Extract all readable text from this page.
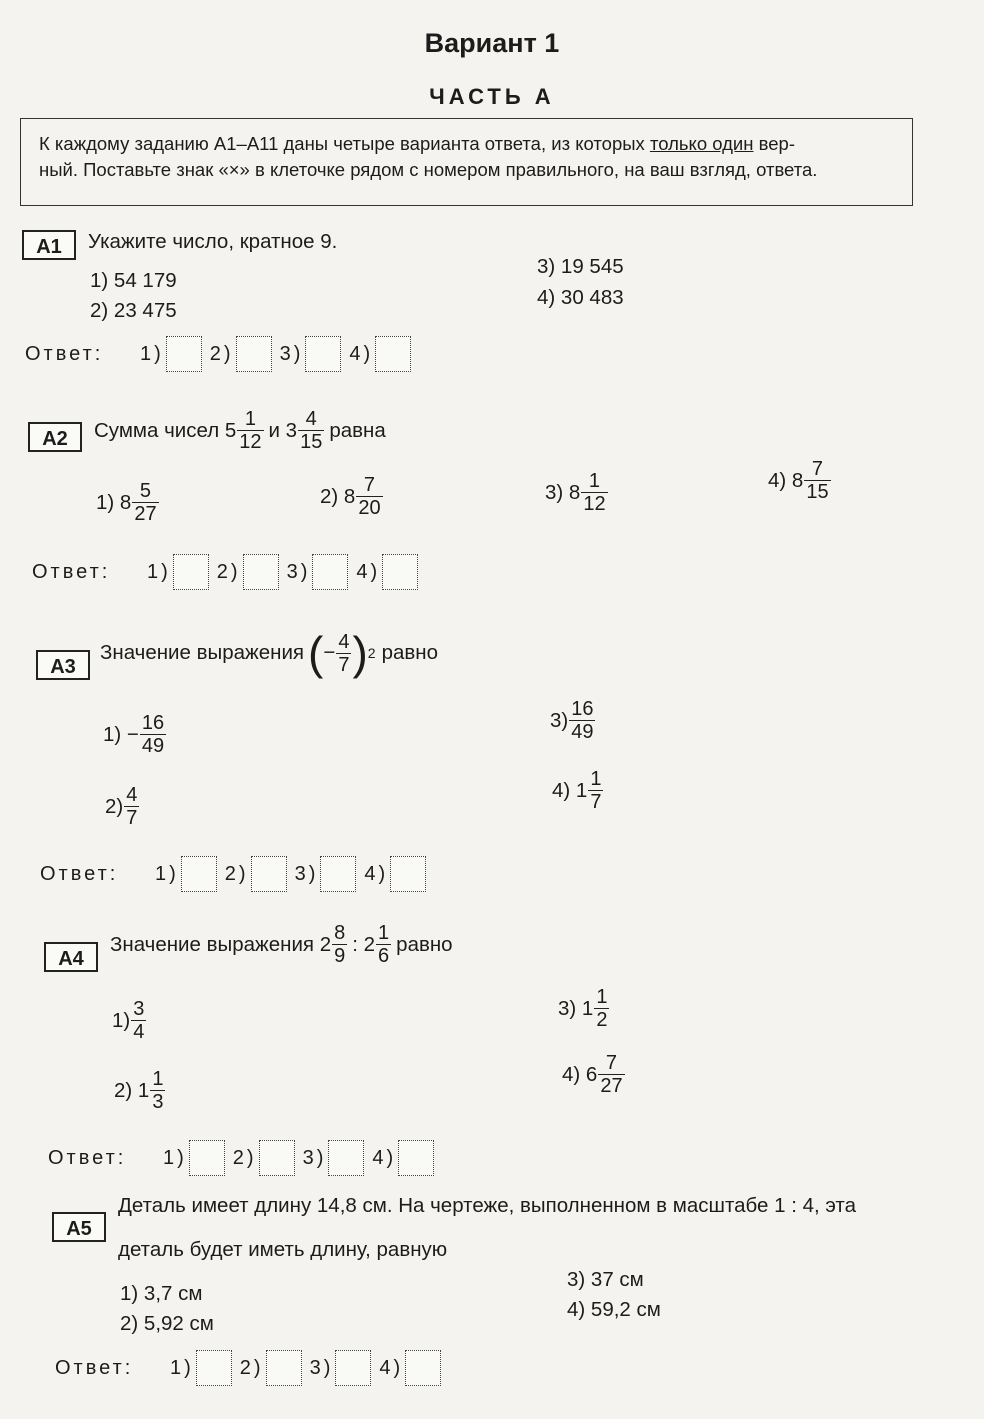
Вариант 1
ЧАСТЬ А
К каждому заданию А1–А11 даны четыре варианта ответа, из которых только один вер-
ный. Поставьте знак «×» в клеточке рядом с номером правильного, на ваш взгляд, ответа.
А1	Укажите число, кратное 9.
1) 54 179
2) 23 475
3) 19 545
4) 30 483
Ответ:	1) 2) 3) 4)
А2	Сумма чисел $5 \frac{1}{12}$ и $3 \frac{4}{15}$ равна
1) $8 \frac{5}{27}$	2) $8 \frac{7}{20}$	3) $8 \frac{1}{12}$	4) $8 \frac{7}{15}$
Ответ:	1) 2) 3) 4)
А3
Значение выражения ( − $\frac{4}{7}$ ) 2 равно
$1) - \frac{16}{49}$
$2) \frac{4}{7}$
$3) \frac{16}{49}$
4) $1 \frac{1}{7}$
Ответ:	1) 2) 3) 4)
А4
Значение выражения $2 \frac{8}{9}$ : $2 \frac{1}{6}$ равно
$1) \frac{3}{4}$
2) $1 \frac{1}{3}$
3) $1 \frac{1}{2}$
4) $6 \frac{7}{27}$
Ответ:	1) 2) 3) 4)
А5
Деталь имеет длину 14,8 см. На чертеже, выполненном в масштабе 1 : 4, эта
деталь будет иметь длину, равную
1) 3,7 см
2) 5,92 см
3) 37 см
4) 59,2 см
Ответ:	1) 2) 3) 4)
